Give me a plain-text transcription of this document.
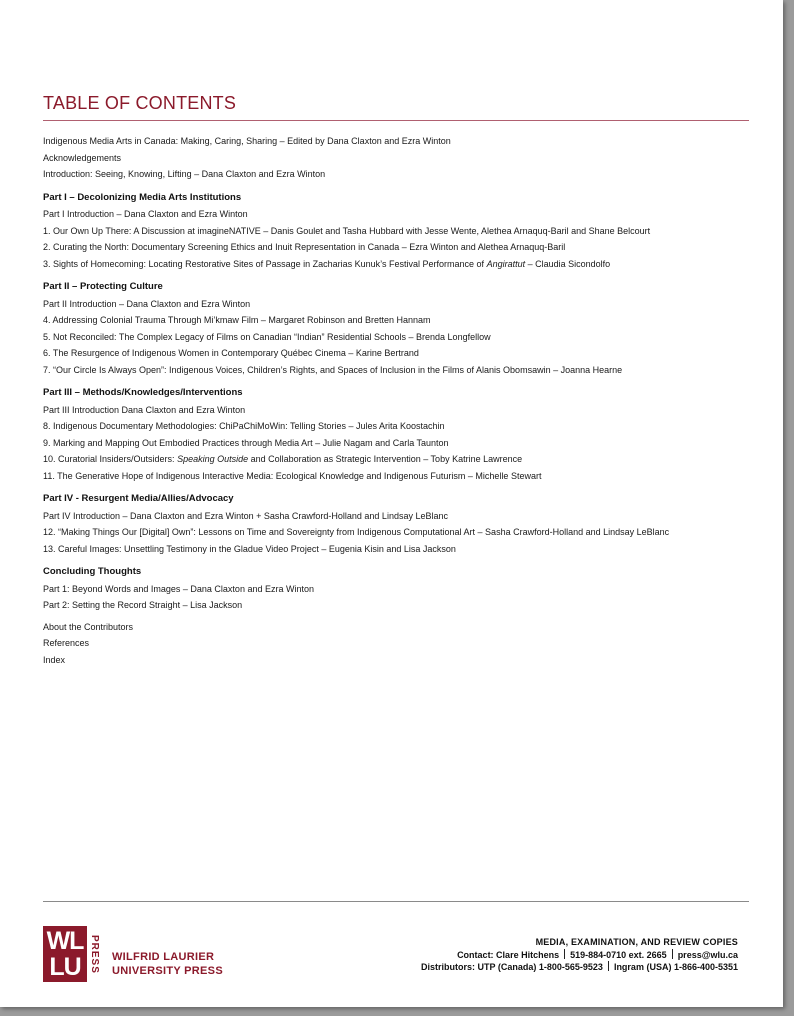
TABLE OF CONTENTS

Indigenous Media Arts in Canada: Making, Caring, Sharing – Edited by Dana Claxton and Ezra Winton

Acknowledgements

Introduction: Seeing, Knowing, Lifting – Dana Claxton and Ezra Winton

Part I – Decolonizing Media Arts Institutions

Part I Introduction – Dana Claxton and Ezra Winton

1. Our Own Up There: A Discussion at imagineNATIVE – Danis Goulet and Tasha Hubbard with Jesse Wente, Alethea Arnaquq-Baril and Shane Belcourt

2. Curating the North: Documentary Screening Ethics and Inuit Representation in Canada – Ezra Winton and Alethea Arnaquq-Baril

3. Sights of Homecoming: Locating Restorative Sites of Passage in Zacharias Kunuk’s Festival Performance of Angirattut – Claudia Sicondolfo

Part II – Protecting Culture

Part II Introduction – Dana Claxton and Ezra Winton

4. Addressing Colonial Trauma Through Mi’kmaw Film – Margaret Robinson and Bretten Hannam

5. Not Reconciled: The Complex Legacy of Films on Canadian “Indian” Residential Schools – Brenda Longfellow

6. The Resurgence of Indigenous Women in Contemporary Québec Cinema – Karine Bertrand

7. “Our Circle Is Always Open”: Indigenous Voices, Children’s Rights, and Spaces of Inclusion in the Films of Alanis Obomsawin – Joanna Hearne

Part III – Methods/Knowledges/Interventions

Part III Introduction Dana Claxton and Ezra Winton

8. Indigenous Documentary Methodologies: ChiPaChiMoWin: Telling Stories – Jules Arita Koostachin

9. Marking and Mapping Out Embodied Practices through Media Art – Julie Nagam and Carla Taunton

10. Curatorial Insiders/Outsiders: Speaking Outside and Collaboration as Strategic Intervention – Toby Katrine Lawrence

11. The Generative Hope of Indigenous Interactive Media: Ecological Knowledge and Indigenous Futurism – Michelle Stewart

Part IV - Resurgent Media/Allies/Advocacy

Part IV Introduction – Dana Claxton and Ezra Winton + Sasha Crawford-Holland and Lindsay LeBlanc

12. “Making Things Our [Digital] Own”: Lessons on Time and Sovereignty from Indigenous Computational Art – Sasha Crawford-Holland and Lindsay LeBlanc

13. Careful Images: Unsettling Testimony in the Gladue Video Project – Eugenia Kisin and Lisa Jackson

Concluding Thoughts

Part 1: Beyond Words and Images – Dana Claxton and Ezra Winton

Part 2: Setting the Record Straight – Lisa Jackson

About the Contributors

References

Index

WL
LU PRESS WILFRID LAURIER
UNIVERSITY PRESS
MEDIA, EXAMINATION, AND REVIEW COPIES
Contact: Clare Hitchens 519-884-0710 ext. 2665 press@wlu.ca
Distributors: UTP (Canada) 1-800-565-9523 Ingram (USA) 1-866-400-5351
